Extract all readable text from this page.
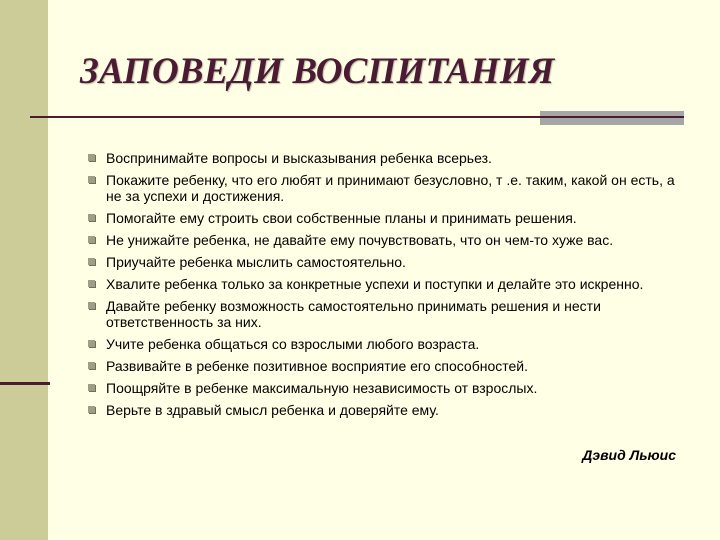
ЗАПОВЕДИ ВОСПИТАНИЯ
Воспринимайте вопросы и высказывания ребенка всерьез.
Покажите ребенку, что его любят и принимают безусловно, т .е. таким, какой он есть, а не за успехи и достижения.
Помогайте ему строить свои собственные планы и принимать решения.
Не унижайте ребенка, не давайте ему почувствовать, что он чем-то хуже вас.
Приучайте ребенка мыслить самостоятельно.
Хвалите ребенка только за конкретные успехи и поступки и делайте это искренно.
Давайте ребенку возможность самостоятельно принимать решения и нести ответственность за них.
Учите ребенка общаться со взрослыми любого возраста.
Развивайте в ребенке позитивное восприятие его способностей.
Поощряйте в ребенке максимальную независимость от взрослых.
Верьте в здравый смысл ребенка и доверяйте ему.

Дэвид Льюис
